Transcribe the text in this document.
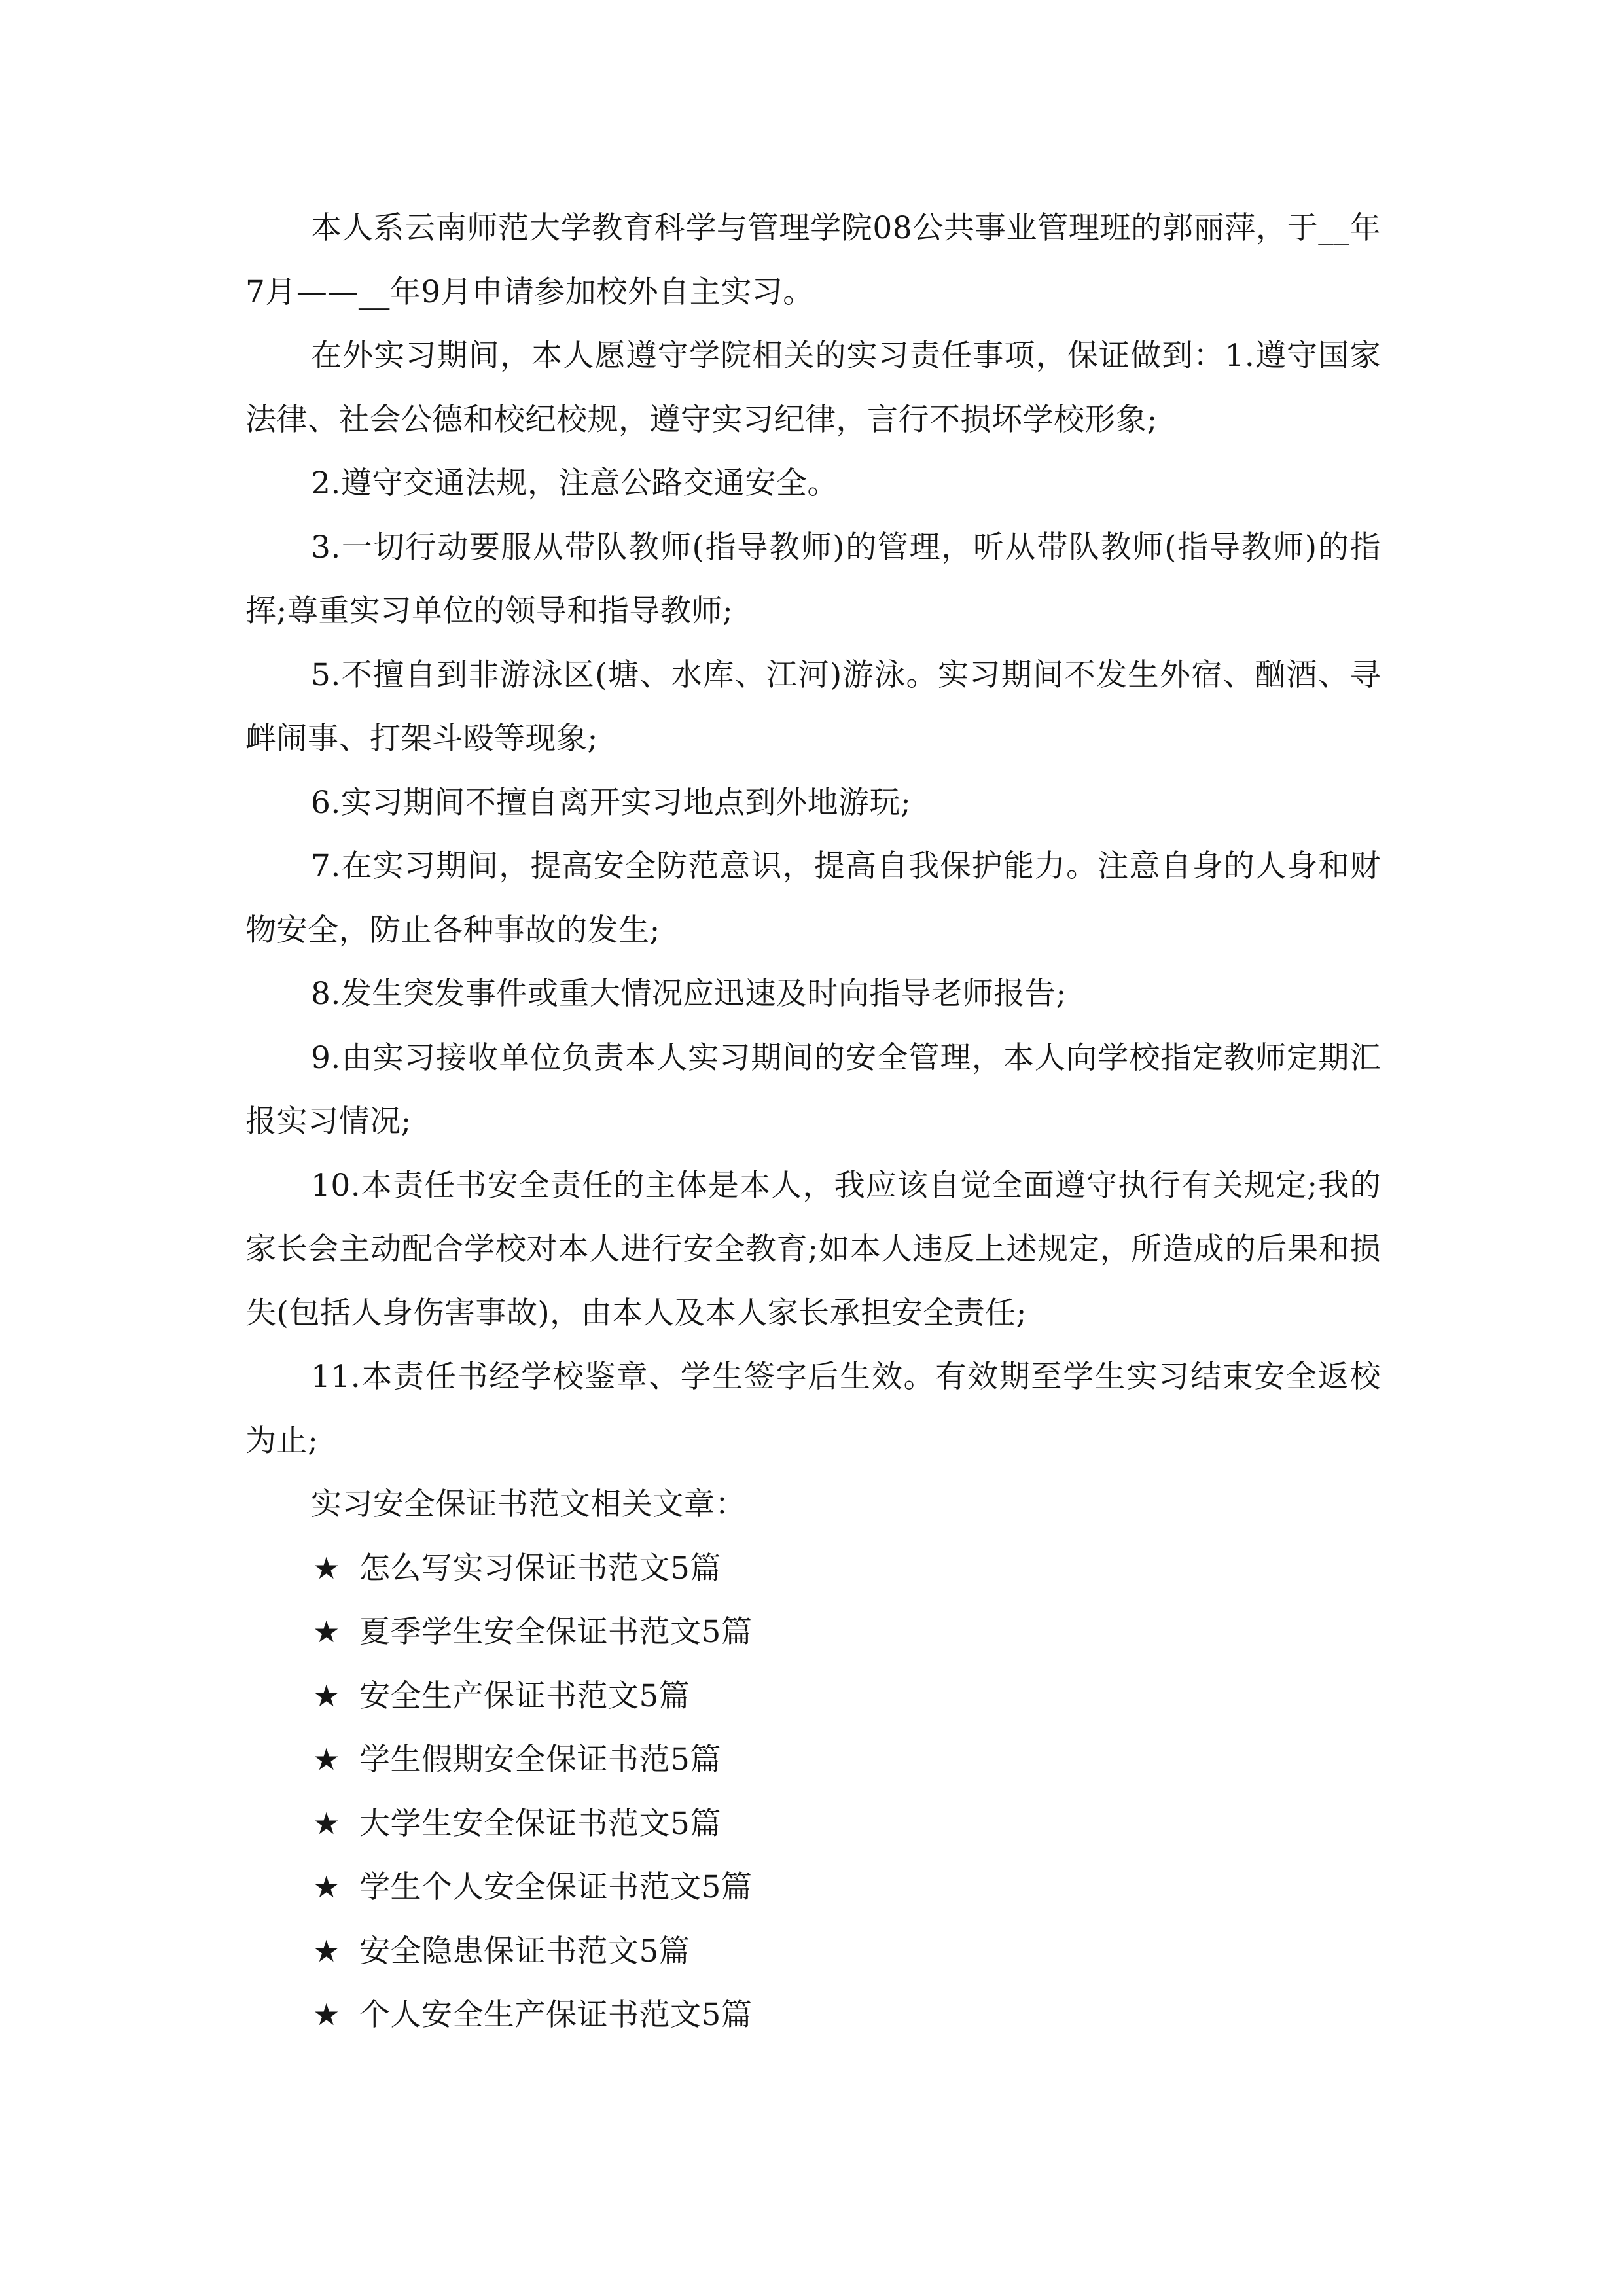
本人系云南师范大学教育科学与管理学院08公共事业管理班的郭丽萍，于__年7月——__年9月申请参加校外自主实习。

在外实习期间，本人愿遵守学院相关的实习责任事项，保证做到：1.遵守国家法律、社会公德和校纪校规，遵守实习纪律，言行不损坏学校形象;

2.遵守交通法规，注意公路交通安全。

3.一切行动要服从带队教师(指导教师)的管理，听从带队教师(指导教师)的指挥;尊重实习单位的领导和指导教师;

5.不擅自到非游泳区(塘、水库、江河)游泳。实习期间不发生外宿、酗酒、寻衅闹事、打架斗殴等现象;

6.实习期间不擅自离开实习地点到外地游玩;

7.在实习期间，提高安全防范意识，提高自我保护能力。注意自身的人身和财物安全，防止各种事故的发生;

8.发生突发事件或重大情况应迅速及时向指导老师报告;

9.由实习接收单位负责本人实习期间的安全管理，本人向学校指定教师定期汇报实习情况;

10.本责任书安全责任的主体是本人，我应该自觉全面遵守执行有关规定;我的家长会主动配合学校对本人进行安全教育;如本人违反上述规定，所造成的后果和损失(包括人身伤害事故)，由本人及本人家长承担安全责任;

11.本责任书经学校鉴章、学生签字后生效。有效期至学生实习结束安全返校为止;

实习安全保证书范文相关文章：

★ 怎么写实习保证书范文5篇
★ 夏季学生安全保证书范文5篇
★ 安全生产保证书范文5篇
★ 学生假期安全保证书范5篇
★ 大学生安全保证书范文5篇
★ 学生个人安全保证书范文5篇
★ 安全隐患保证书范文5篇
★ 个人安全生产保证书范文5篇
